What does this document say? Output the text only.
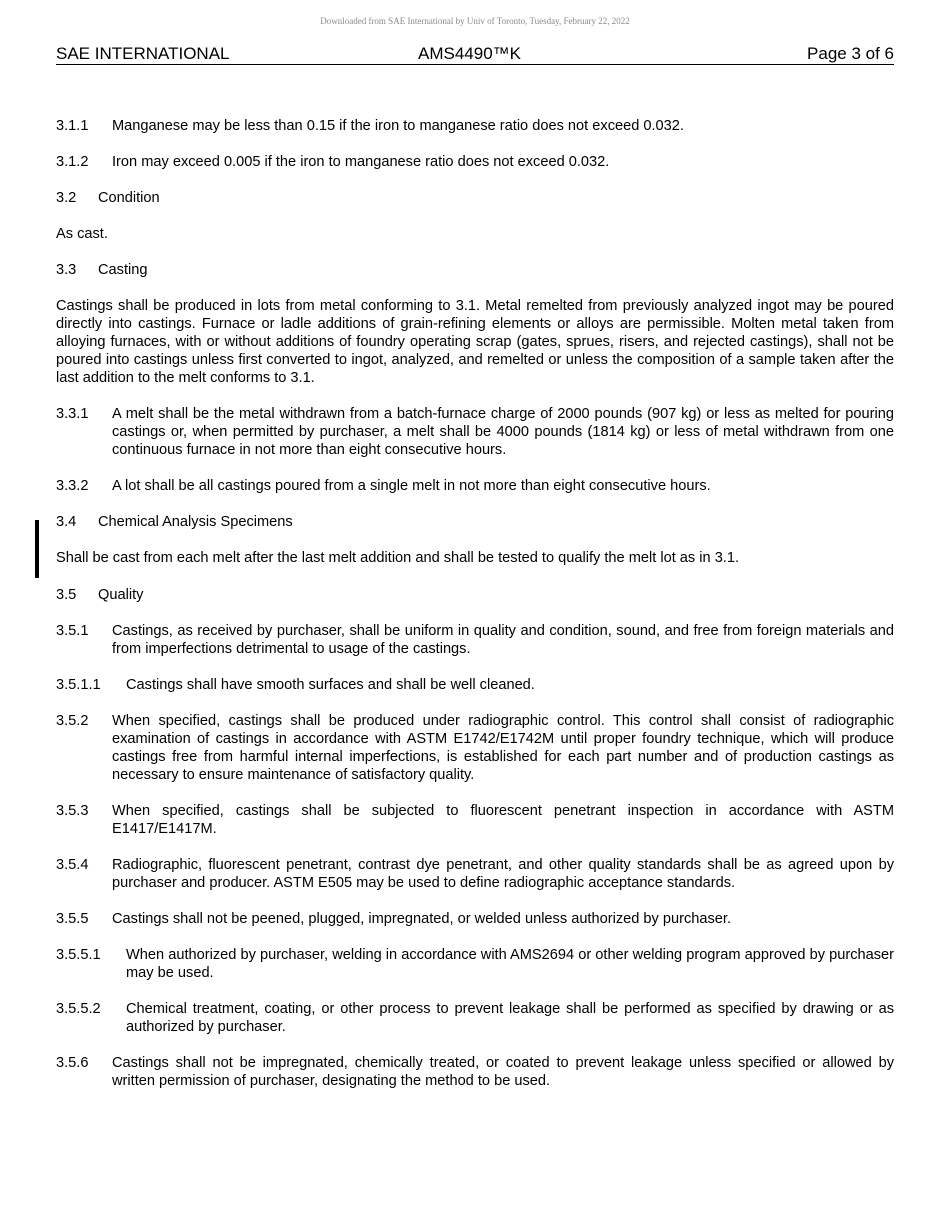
Downloaded from SAE International by Univ of Toronto, Tuesday, February 22, 2022
SAE INTERNATIONAL	AMS4490™K	Page 3 of 6
3.1.1 Manganese may be less than 0.15 if the iron to manganese ratio does not exceed 0.032.
3.1.2 Iron may exceed 0.005 if the iron to manganese ratio does not exceed 0.032.
3.2 Condition
As cast.
3.3 Casting
Castings shall be produced in lots from metal conforming to 3.1. Metal remelted from previously analyzed ingot may be poured directly into castings. Furnace or ladle additions of grain-refining elements or alloys are permissible. Molten metal taken from alloying furnaces, with or without additions of foundry operating scrap (gates, sprues, risers, and rejected castings), shall not be poured into castings unless first converted to ingot, analyzed, and remelted or unless the composition of a sample taken after the last addition to the melt conforms to 3.1.
3.3.1 A melt shall be the metal withdrawn from a batch-furnace charge of 2000 pounds (907 kg) or less as melted for pouring castings or, when permitted by purchaser, a melt shall be 4000 pounds (1814 kg) or less of metal withdrawn from one continuous furnace in not more than eight consecutive hours.
3.3.2 A lot shall be all castings poured from a single melt in not more than eight consecutive hours.
3.4 Chemical Analysis Specimens
Shall be cast from each melt after the last melt addition and shall be tested to qualify the melt lot as in 3.1.
3.5 Quality
3.5.1 Castings, as received by purchaser, shall be uniform in quality and condition, sound, and free from foreign materials and from imperfections detrimental to usage of the castings.
3.5.1.1 Castings shall have smooth surfaces and shall be well cleaned.
3.5.2 When specified, castings shall be produced under radiographic control. This control shall consist of radiographic examination of castings in accordance with ASTM E1742/E1742M until proper foundry technique, which will produce castings free from harmful internal imperfections, is established for each part number and of production castings as necessary to ensure maintenance of satisfactory quality.
3.5.3 When specified, castings shall be subjected to fluorescent penetrant inspection in accordance with ASTM E1417/E1417M.
3.5.4 Radiographic, fluorescent penetrant, contrast dye penetrant, and other quality standards shall be as agreed upon by purchaser and producer. ASTM E505 may be used to define radiographic acceptance standards.
3.5.5 Castings shall not be peened, plugged, impregnated, or welded unless authorized by purchaser.
3.5.5.1 When authorized by purchaser, welding in accordance with AMS2694 or other welding program approved by purchaser may be used.
3.5.5.2 Chemical treatment, coating, or other process to prevent leakage shall be performed as specified by drawing or as authorized by purchaser.
3.5.6 Castings shall not be impregnated, chemically treated, or coated to prevent leakage unless specified or allowed by written permission of purchaser, designating the method to be used.
